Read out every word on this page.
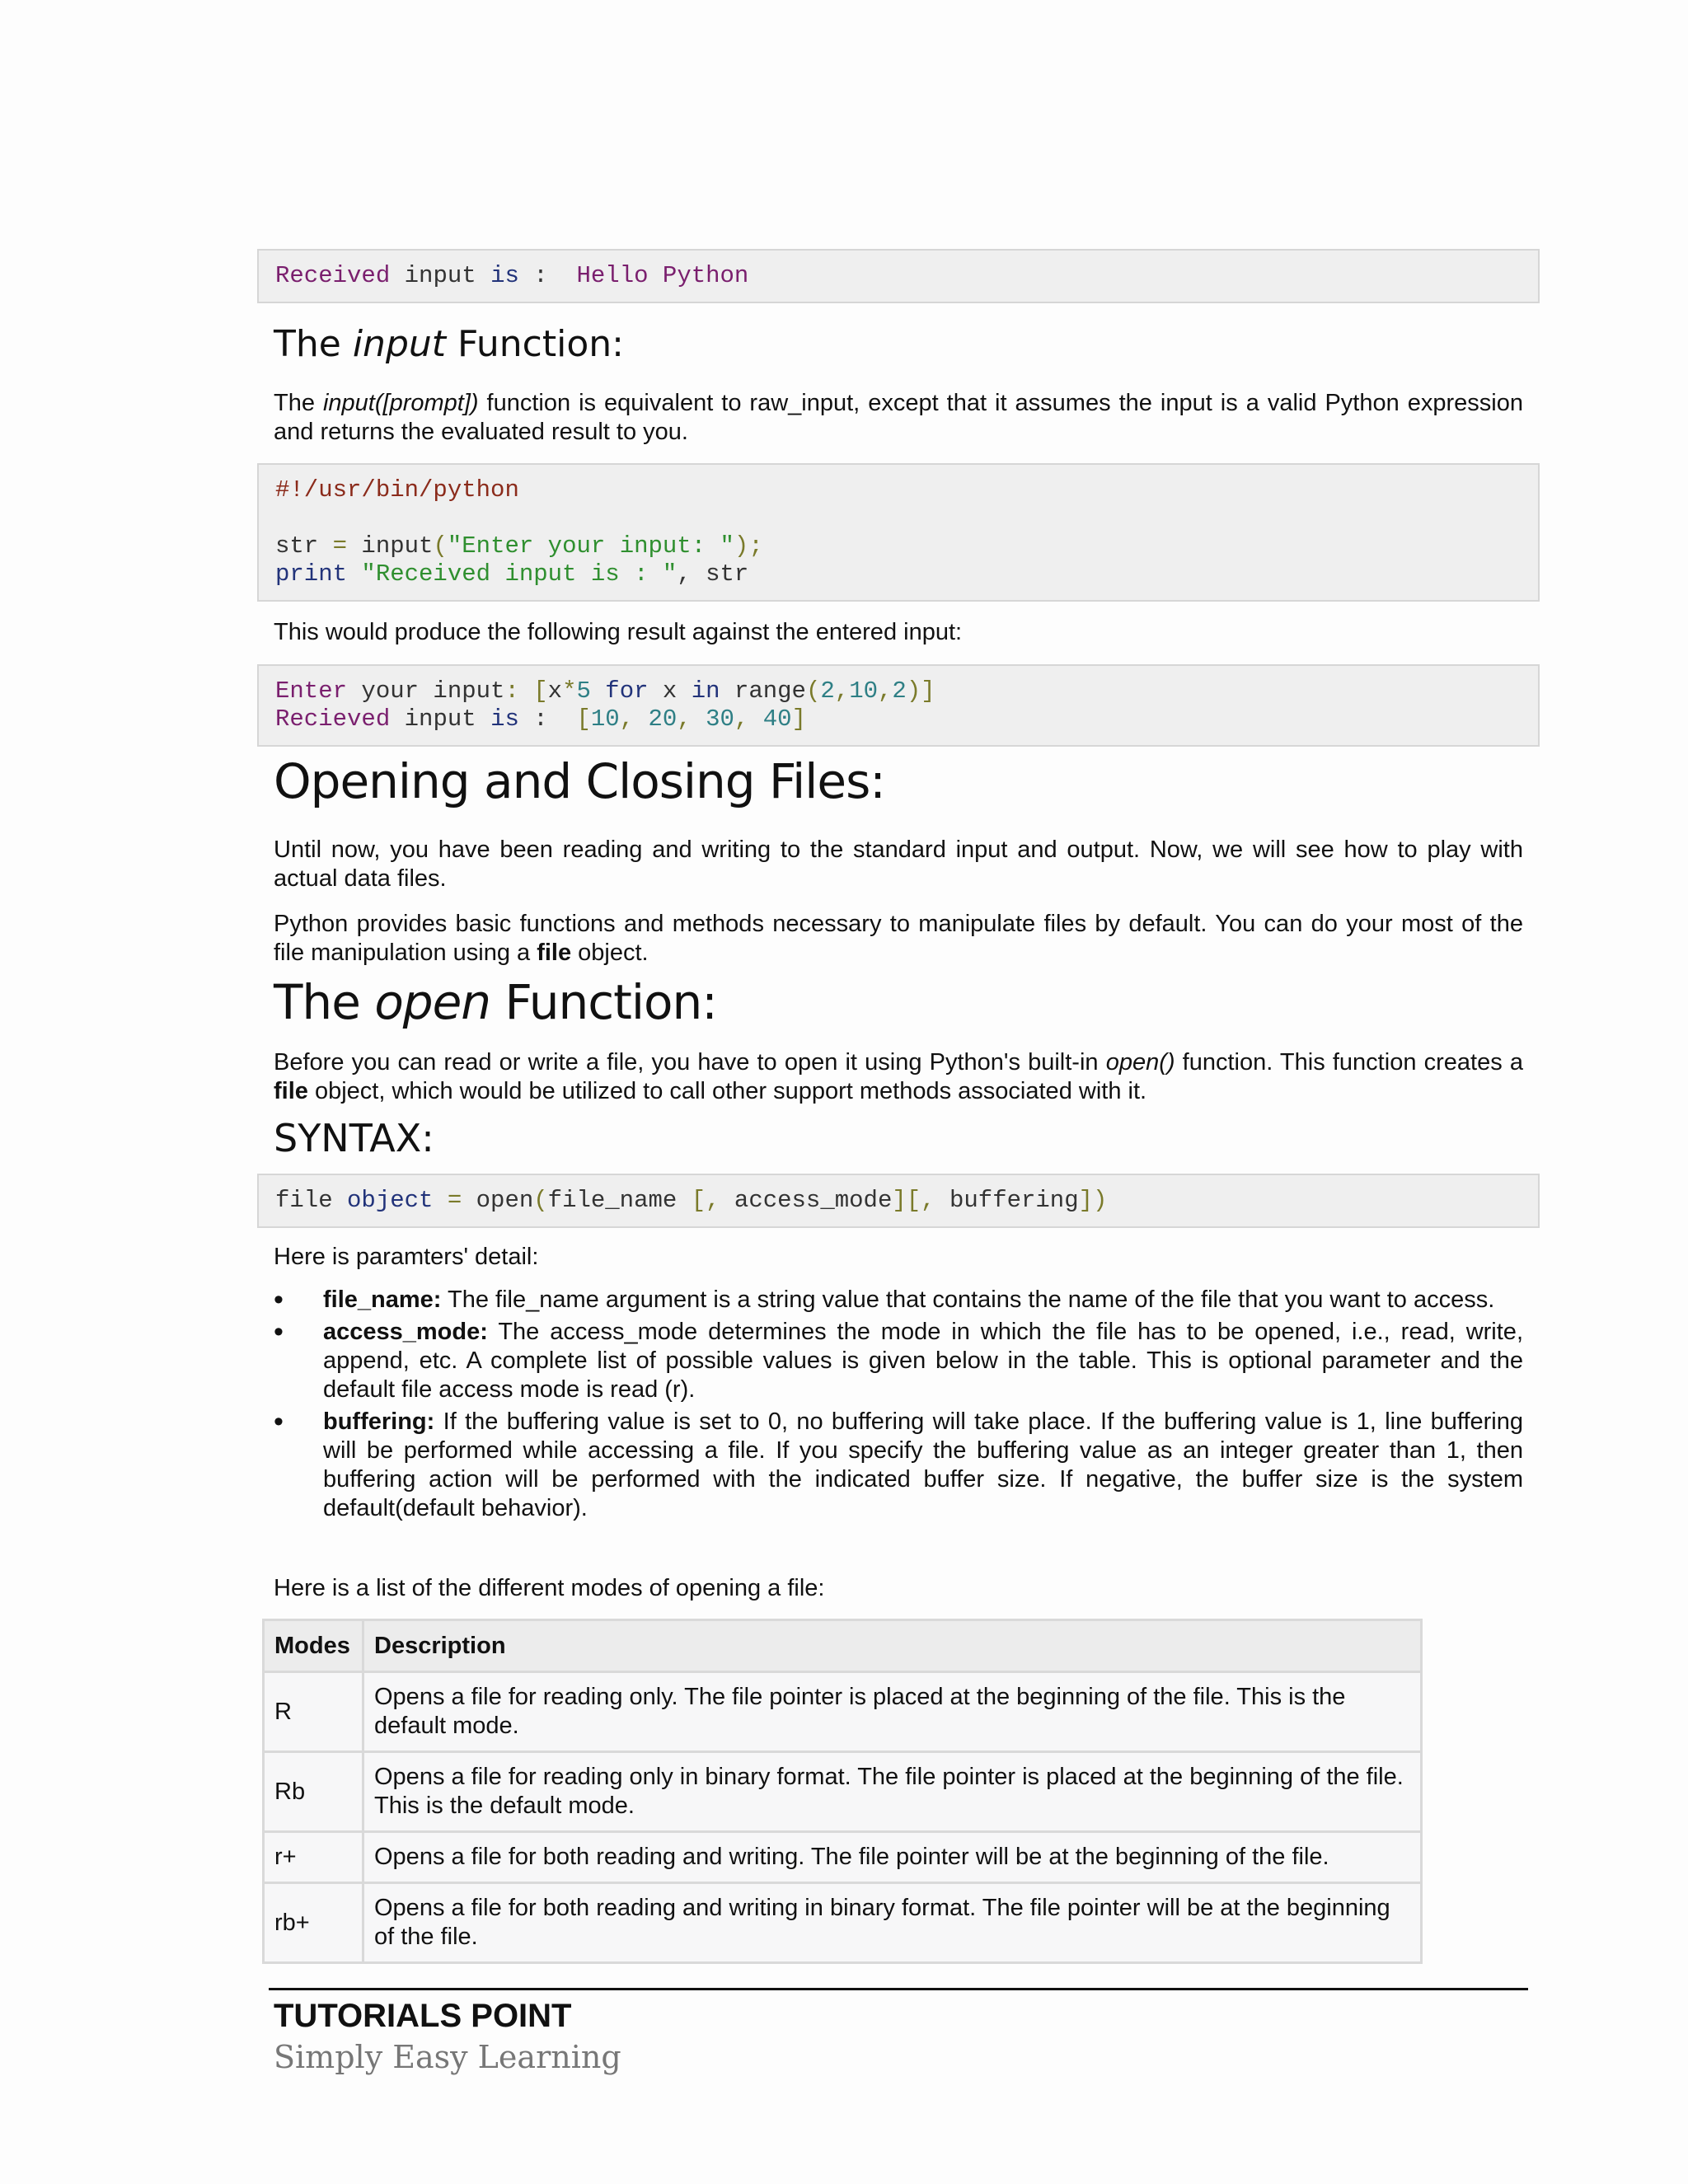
Received input is :  Hello Python
The input Function:
The input([prompt]) function is equivalent to raw_input, except that it assumes the input is a valid Python expression and returns the evaluated result to you.
#!/usr/bin/python

str = input("Enter your input: ");
print "Received input is : ", str
This would produce the following result against the entered input:
Enter your input: [x*5 for x in range(2,10,2)]
Recieved input is :  [10, 20, 30, 40]
Opening and Closing Files:
Until now, you have been reading and writing to the standard input and output. Now, we will see how to play with actual data files.
Python provides basic functions and methods necessary to manipulate files by default. You can do your most of the file manipulation using a file object.
The open Function:
Before you can read or write a file, you have to open it using Python's built-in open() function. This function creates a file object, which would be utilized to call other support methods associated with it.
SYNTAX:
file object = open(file_name [, access_mode][, buffering])
Here is paramters' detail:
• file_name: The file_name argument is a string value that contains the name of the file that you want to access.
• access_mode: The access_mode determines the mode in which the file has to be opened, i.e., read, write, append, etc. A complete list of possible values is given below in the table. This is optional parameter and the default file access mode is read (r).
• buffering: If the buffering value is set to 0, no buffering will take place. If the buffering value is 1, line buffering will be performed while accessing a file. If you specify the buffering value as an integer greater than 1, then buffering action will be performed with the indicated buffer size. If negative, the buffer size is the system default(default behavior).
Here is a list of the different modes of opening a file:
Modes	Description
R	Opens a file for reading only. The file pointer is placed at the beginning of the file. This is the default mode.
Rb	Opens a file for reading only in binary format. The file pointer is placed at the beginning of the file. This is the default mode.
r+	Opens a file for both reading and writing. The file pointer will be at the beginning of the file.
rb+	Opens a file for both reading and writing in binary format. The file pointer will be at the beginning of the file.
TUTORIALS POINT
Simply Easy Learning
